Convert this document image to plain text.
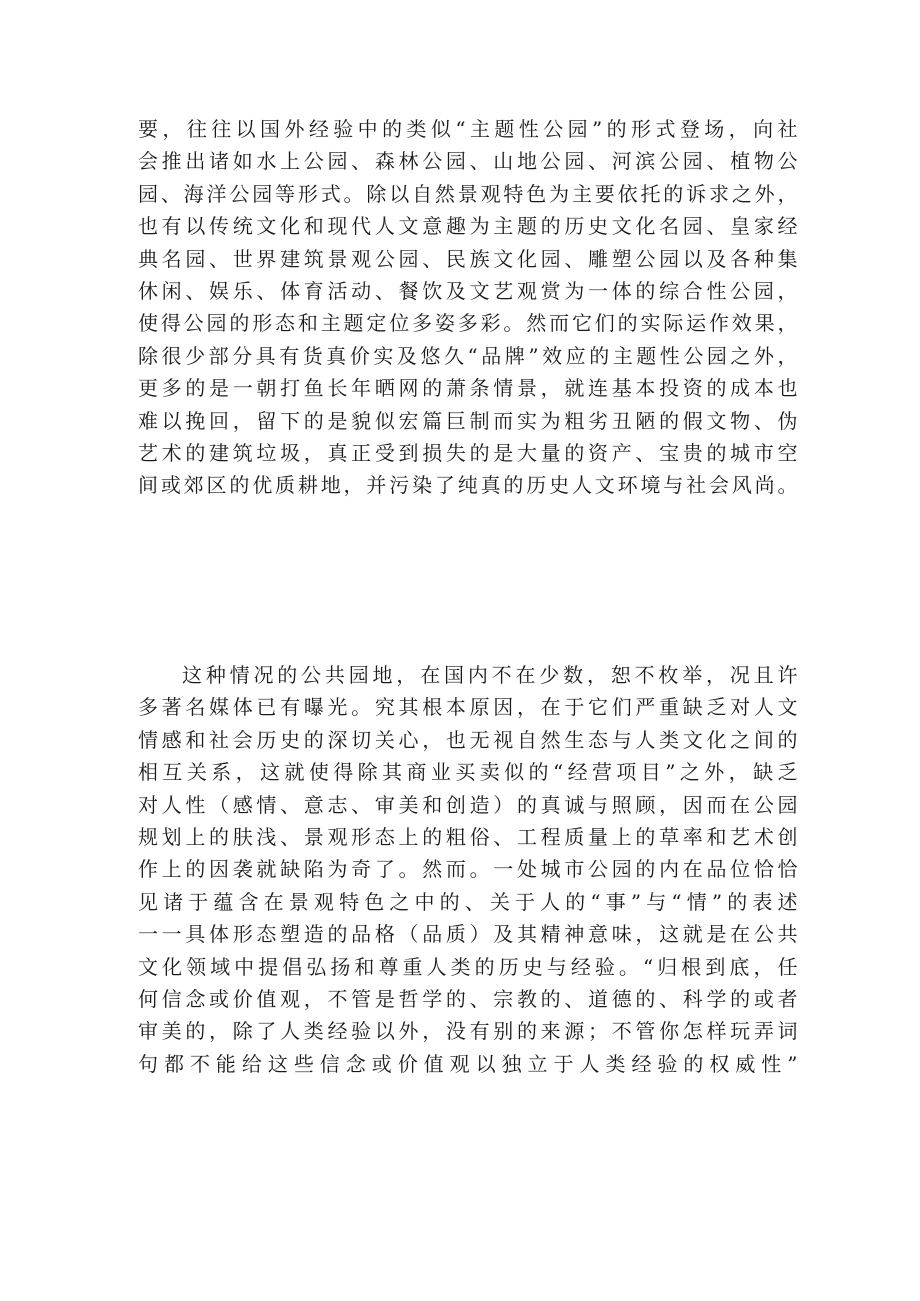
要，往往以国外经验中的类似“主题性公园”的形式登场，向社
会推出诸如水上公园、森林公园、山地公园、河滨公园、植物公
园、海洋公园等形式。除以自然景观特色为主要依托的诉求之外，
也有以传统文化和现代人文意趣为主题的历史文化名园、皇家经
典名园、世界建筑景观公园、民族文化园、雕塑公园以及各种集
休闲、娱乐、体育活动、餐饮及文艺观赏为一体的综合性公园，
使得公园的形态和主题定位多姿多彩。然而它们的实际运作效果，
除很少部分具有货真价实及悠久“品牌”效应的主题性公园之外，
更多的是一朝打鱼长年晒网的萧条情景，就连基本投资的成本也
难以挽回，留下的是貌似宏篇巨制而实为粗劣丑陋的假文物、伪
艺术的建筑垃圾，真正受到损失的是大量的资产、宝贵的城市空
间或郊区的优质耕地，并污染了纯真的历史人文环境与社会风尚。

这种情况的公共园地，在国内不在少数，恕不枚举，况且许
多著名媒体已有曝光。究其根本原因，在于它们严重缺乏对人文
情感和社会历史的深切关心，也无视自然生态与人类文化之间的
相互关系，这就使得除其商业买卖似的“经营项目”之外，缺乏
对人性（感情、意志、审美和创造）的真诚与照顾，因而在公园
规划上的肤浅、景观形态上的粗俗、工程质量上的草率和艺术创
作上的因袭就缺陷为奇了。然而。一处城市公园的内在品位恰恰
见诸于蕴含在景观特色之中的、关于人的“事”与“情”的表述
一一具体形态塑造的品格（品质）及其精神意味，这就是在公共
文化领域中提倡弘扬和尊重人类的历史与经验。“归根到底，任
何信念或价值观，不管是哲学的、宗教的、道德的、科学的或者
审美的，除了人类经验以外，没有别的来源；不管你怎样玩弄词
句都不能给这些信念或价值观以独立于人类经验的权威性”
